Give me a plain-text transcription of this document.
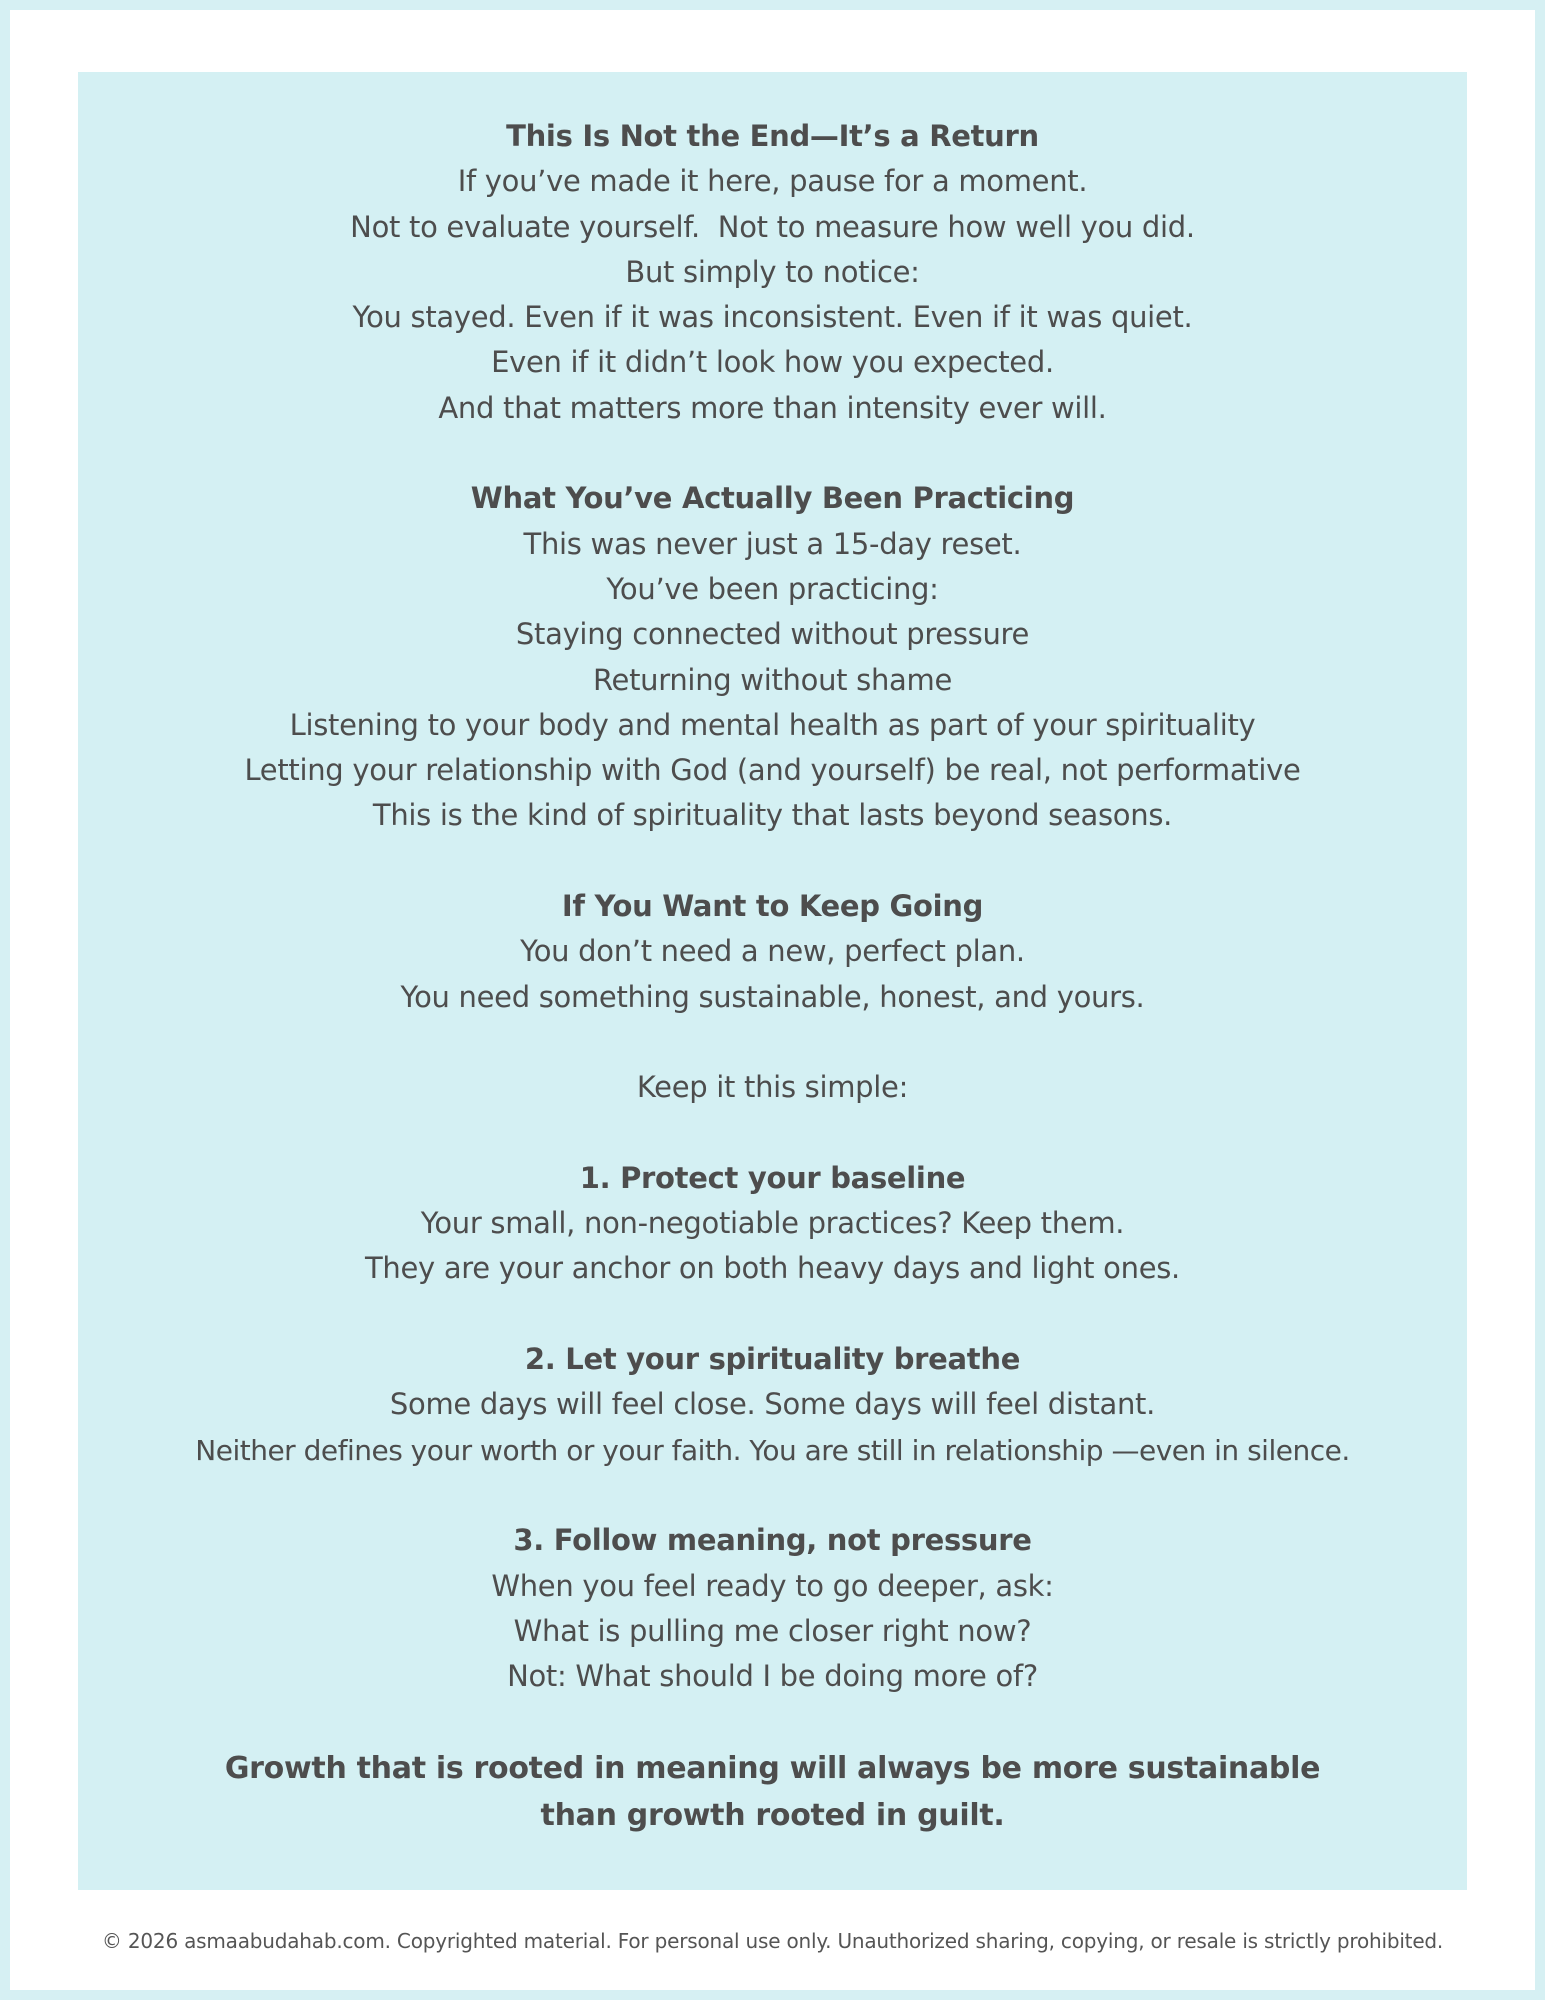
This Is Not the End—It’s a Return
If you’ve made it here, pause for a moment.
Not to evaluate yourself.  Not to measure how well you did.
But simply to notice:
You stayed. Even if it was inconsistent. Even if it was quiet.
Even if it didn’t look how you expected.
And that matters more than intensity ever will.
What You’ve Actually Been Practicing
This was never just a 15-day reset.
You’ve been practicing:
Staying connected without pressure
Returning without shame
Listening to your body and mental health as part of your spirituality
Letting your relationship with God (and yourself) be real, not performative
This is the kind of spirituality that lasts beyond seasons.
If You Want to Keep Going
You don’t need a new, perfect plan.
You need something sustainable, honest, and yours.
Keep it this simple:
1. Protect your baseline
Your small, non-negotiable practices? Keep them.
They are your anchor on both heavy days and light ones.
2. Let your spirituality breathe
Some days will feel close. Some days will feel distant.
Neither defines your worth or your faith. You are still in relationship —even in silence.
3. Follow meaning, not pressure
When you feel ready to go deeper, ask:
What is pulling me closer right now?
Not: What should I be doing more of?
Growth that is rooted in meaning will always be more sustainable
than growth rooted in guilt.
© 2026 asmaabudahab.com. Copyrighted material. For personal use only. Unauthorized sharing, copying, or resale is strictly prohibited.
